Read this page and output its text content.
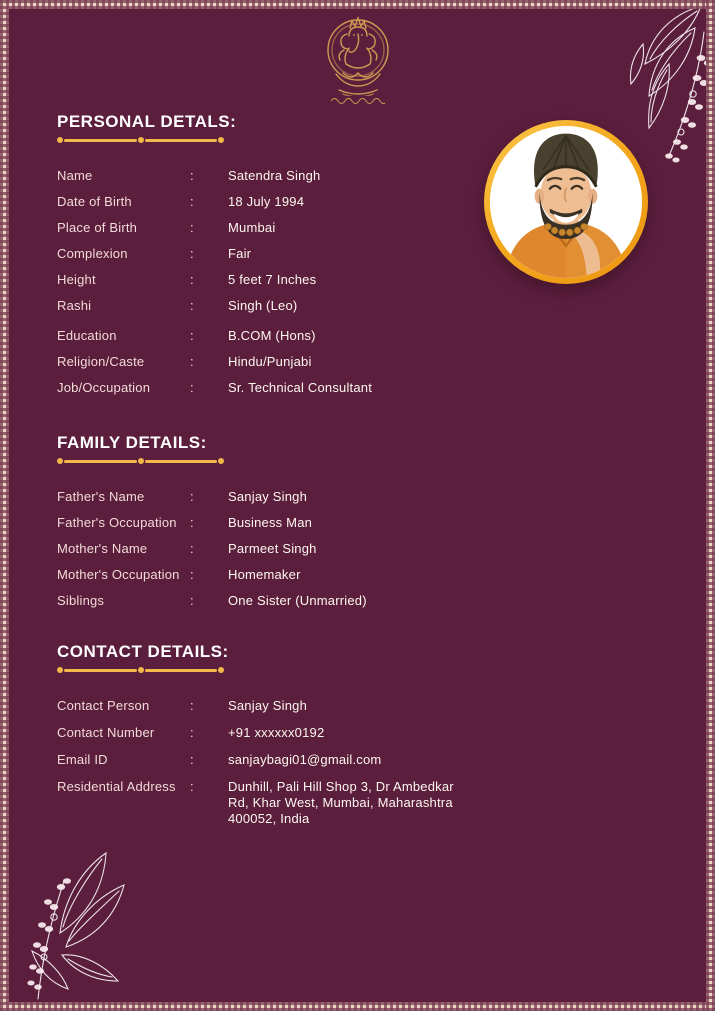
PERSONAL DETALS:
Name	:	Satendra Singh
Date of Birth	:	18 July 1994
Place of Birth	:	Mumbai
Complexion	:	Fair
Height	:	5 feet 7 Inches
Rashi	:	Singh (Leo)
Education	:	B.COM (Hons)
Religion/Caste	:	Hindu/Punjabi
Job/Occupation	:	Sr. Technical Consultant
FAMILY DETAILS:
Father's Name	:	Sanjay Singh
Father's Occupation	:	Business Man
Mother's Name	:	Parmeet Singh
Mother's Occupation :	Homemaker
Siblings	:	One Sister (Unmarried)
CONTACT DETAILS:
Contact Person	:	Sanjay Singh
Contact Number	:	+91 xxxxxx0192
Email ID	:	sanjaybagi01@gmail.com
Residential Address	:	Dunhill, Pali Hill Shop 3, Dr Ambedkar Rd, Khar West, Mumbai, Maharashtra 400052, India
